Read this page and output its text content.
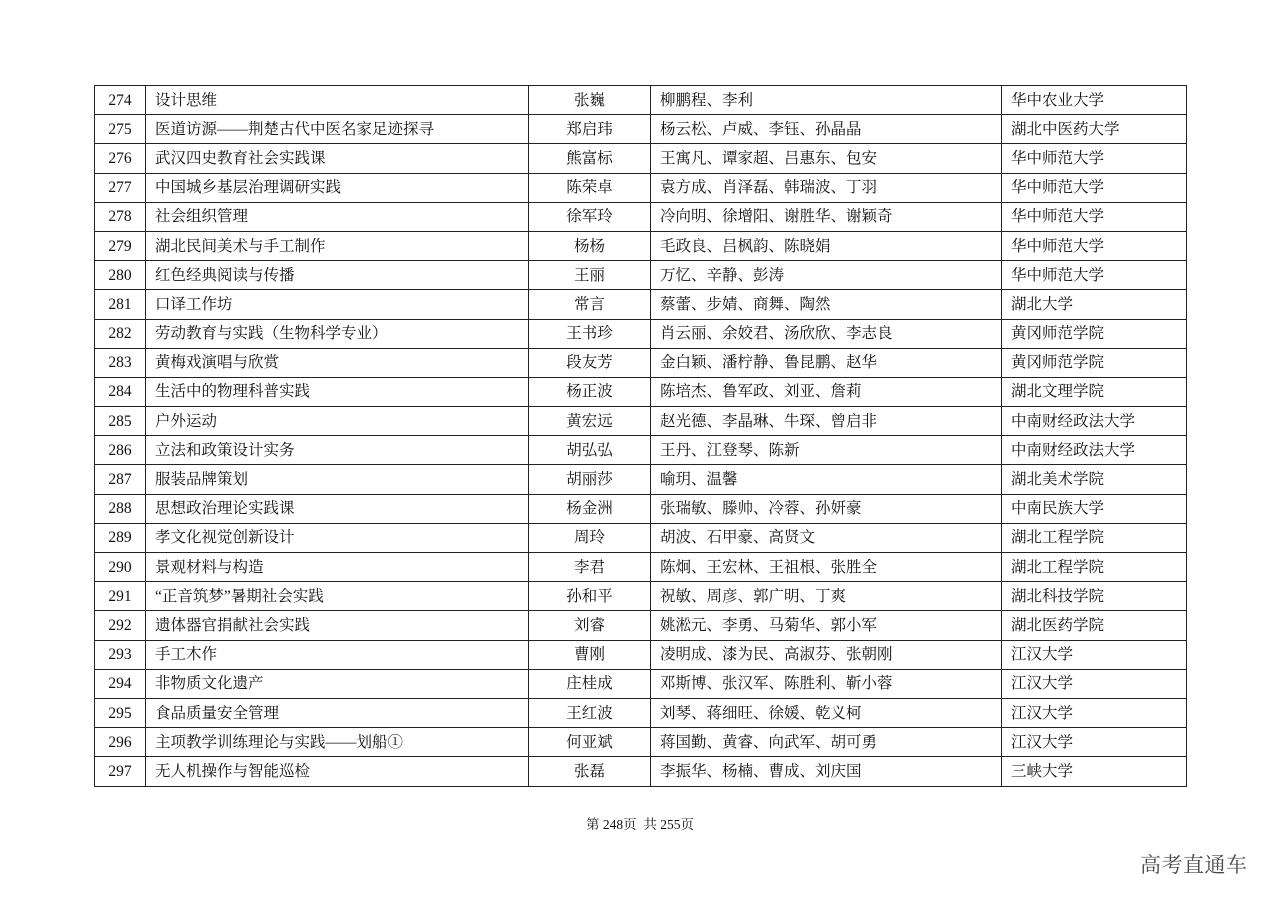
274	设计思维	张巍	柳鹏程、李利	华中农业大学
275	医道访源——荆楚古代中医名家足迹探寻	郑启玮	杨云松、卢威、李钰、孙晶晶	湖北中医药大学
276	武汉四史教育社会实践课	熊富标	王寓凡、谭家超、吕惠东、包安	华中师范大学
277	中国城乡基层治理调研实践	陈荣卓	袁方成、肖泽磊、韩瑞波、丁羽	华中师范大学
278	社会组织管理	徐军玲	冷向明、徐增阳、谢胜华、谢颖奇	华中师范大学
279	湖北民间美术与手工制作	杨杨	毛政良、吕枫韵、陈晓娟	华中师范大学
280	红色经典阅读与传播	王丽	万忆、辛静、彭涛	华中师范大学
281	口译工作坊	常言	蔡蕾、步婧、商舞、陶然	湖北大学
282	劳动教育与实践（生物科学专业）	王书珍	肖云丽、余姣君、汤欣欣、李志良	黄冈师范学院
283	黄梅戏演唱与欣赏	段友芳	金白颖、潘柠静、鲁昆鹏、赵华	黄冈师范学院
284	生活中的物理科普实践	杨正波	陈培杰、鲁军政、刘亚、詹莉	湖北文理学院
285	户外运动	黄宏远	赵光德、李晶琳、牛琛、曾启非	中南财经政法大学
286	立法和政策设计实务	胡弘弘	王丹、江登琴、陈新	中南财经政法大学
287	服装品牌策划	胡丽莎	喻玥、温馨	湖北美术学院
288	思想政治理论实践课	杨金洲	张瑞敏、滕帅、冷蓉、孙妍豪	中南民族大学
289	孝文化视觉创新设计	周玲	胡波、石甲豪、高贤文	湖北工程学院
290	景观材料与构造	李君	陈炯、王宏林、王祖根、张胜全	湖北工程学院
291	“正音筑梦”暑期社会实践	孙和平	祝敏、周彦、郭广明、丁爽	湖北科技学院
292	遗体器官捐献社会实践	刘睿	姚淞元、李勇、马菊华、郭小军	湖北医药学院
293	手工木作	曹刚	凌明成、漆为民、高淑芬、张朝刚	江汉大学
294	非物质文化遗产	庄桂成	邓斯博、张汉军、陈胜利、靳小蓉	江汉大学
295	食品质量安全管理	王红波	刘琴、蒋细旺、徐媛、乾义柯	江汉大学
296	主项教学训练理论与实践——划船①	何亚斌	蒋国勤、黄睿、向武军、胡可勇	江汉大学
297	无人机操作与智能巡检	张磊	李振华、杨楠、曹成、刘庆国	三峡大学
第 248页  共 255页
高考直通车
